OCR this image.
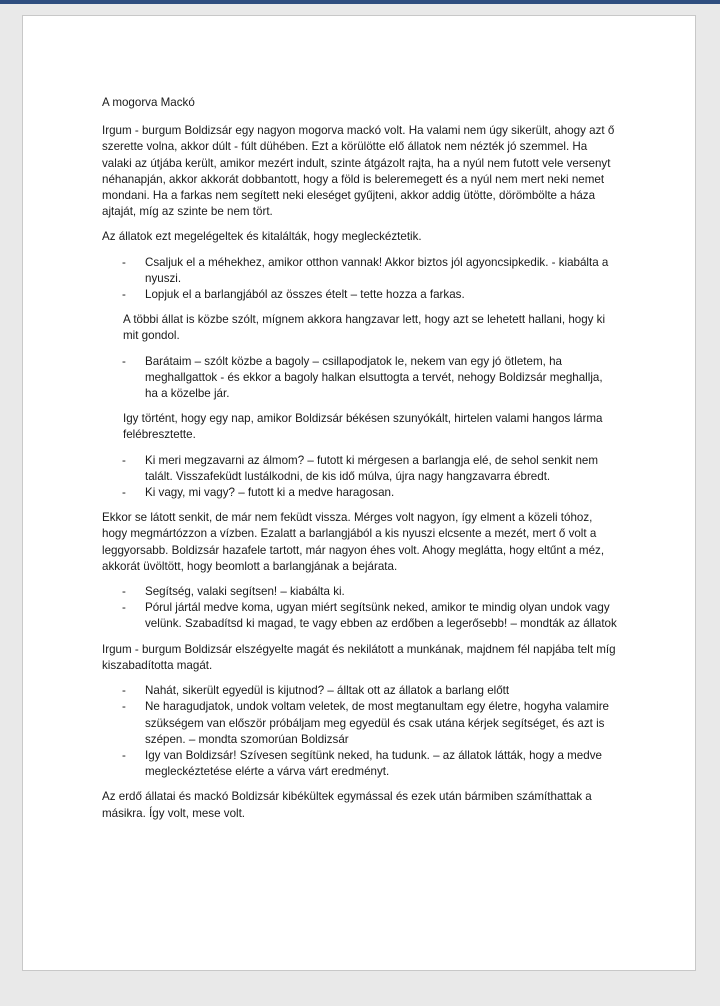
A mogorva Mackó

Irgum - burgum Boldizsár egy nagyon mogorva mackó volt. Ha valami nem úgy sikerült, ahogy azt ő szerette volna, akkor dúlt - fúlt dühében. Ezt a körülötte elő állatok nem nézték jó szemmel. Ha valaki az útjába került, amikor mezért indult, szinte átgázolt rajta, ha a nyúl nem futott vele versenyt néhanapján, akkor akkorát dobbantott, hogy a föld is beleremegett és a nyúl nem mert neki nemet mondani. Ha a farkas nem segített neki eleséget gyűjteni, akkor addig ütötte, dörömbölte a háza ajtaját, míg az szinte be nem tört.

Az állatok ezt megelégeltek és kitalálták, hogy megleckéztetik.

- Csaljuk el a méhekhez, amikor otthon vannak! Akkor biztos jól agyoncsipkedik. - kiabálta a nyuszi.
- Lopjuk el a barlangjából az összes ételt – tette hozza a farkas.

A többi állat is közbe szólt, mígnem akkora hangzavar lett, hogy azt se lehetett hallani, hogy ki mit gondol.

- Barátaim – szólt közbe a bagoly – csillapodjatok le, nekem van egy jó ötletem, ha meghallgattok - és ekkor a bagoly halkan elsuttogta a tervét, nehogy Boldizsár meghallja, ha a közelbe jár.

Igy történt, hogy egy nap, amikor Boldizsár békésen szunyókált, hirtelen valami hangos lárma felébresztette.

- Ki meri megzavarni az álmom? – futott ki mérgesen a barlangja elé, de sehol senkit nem talált. Visszafeküdt lustálkodni, de kis idő múlva, újra nagy hangzavarra ébredt.
- Ki vagy, mi vagy? – futott ki a medve haragosan.

Ekkor se látott senkit, de már nem feküdt vissza. Mérges volt nagyon, így elment a közeli tóhoz, hogy megmártózzon a vízben. Ezalatt a barlangjából a kis nyuszi elcsente a mezét, mert ő volt a leggyorsabb. Boldizsár hazafele tartott, már nagyon éhes volt. Ahogy meglátta, hogy eltűnt a méz, akkorát üvöltött, hogy beomlott a barlangjának a bejárata.

- Segítség, valaki segítsen! – kiabálta ki.
- Pórul jártál medve koma, ugyan miért segítsünk neked, amikor te mindig olyan undok vagy velünk. Szabadítsd ki magad, te vagy ebben az erdőben a legerősebb! – mondták az állatok

Irgum - burgum Boldizsár elszégyelte magát és nekilátott a munkának, majdnem fél napjába telt míg kiszabadította magát.

- Nahát, sikerült egyedül is kijutnod? – álltak ott az állatok a barlang előtt
- Ne haragudjatok, undok voltam veletek, de most megtanultam egy életre, hogyha valamire szükségem van először próbáljam meg egyedül és csak utána kérjek segítséget, és azt is szépen. – mondta szomorúan Boldizsár
- Igy van Boldizsár! Szívesen segítünk neked, ha tudunk. – az állatok látták, hogy a medve megleckéztetése elérte a várva várt eredményt.

Az erdő állatai és mackó Boldizsár kibékültek egymással és ezek után bármiben számíthattak a másikra. Így volt, mese volt.
